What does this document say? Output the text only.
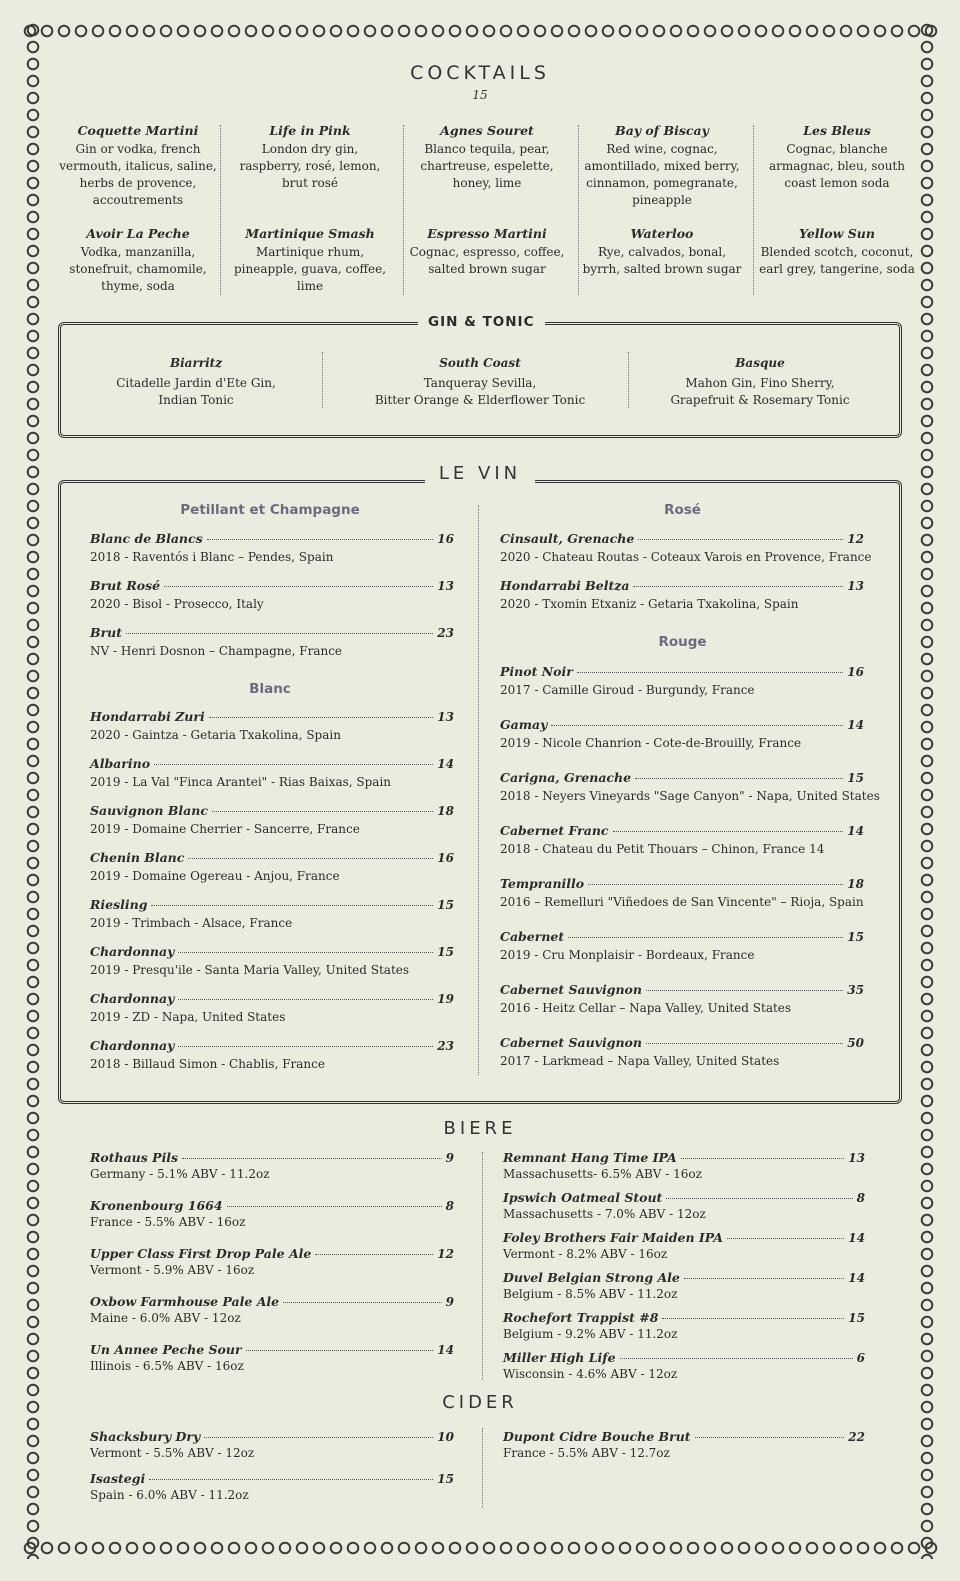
COCKTAILS
15
Coquette Martini
Gin or vodka, french vermouth, italicus, saline, herbs de provence, accoutrements
Life in Pink
London dry gin, raspberry, rosé, lemon, brut rosé
Agnes Souret
Blanco tequila, pear, chartreuse, espelette, honey, lime
Bay of Biscay
Red wine, cognac, amontillado, mixed berry, cinnamon, pomegranate, pineapple
Les Bleus
Cognac, blanche armagnac, bleu, south coast lemon soda
Avoir La Peche
Vodka, manzanilla, stonefruit, chamomile, thyme, soda
Martinique Smash
Martinique rhum, pineapple, guava, coffee, lime
Espresso Martini
Cognac, espresso, coffee, salted brown sugar
Waterloo
Rye, calvados, bonal, byrrh, salted brown sugar
Yellow Sun
Blended scotch, coconut, earl grey, tangerine, soda
GIN & TONIC
Biarritz
Citadelle Jardin d'Ete Gin,
Indian Tonic
South Coast
Tanqueray Sevilla,
Bitter Orange & Elderflower Tonic
Basque
Mahon Gin, Fino Sherry,
Grapefruit & Rosemary Tonic
LE VIN
Petillant et Champagne
Blanc de Blancs	16
2018 - Raventós i Blanc – Pendes, Spain
Brut Rosé	13
2020 - Bisol - Prosecco, Italy
Brut	23
NV - Henri Dosnon – Champagne, France
Blanc
Hondarrabi Zuri	13
2020 - Gaintza - Getaria Txakolina, Spain
Albarino	14
2019 - La Val "Finca Arantei" - Rias Baixas, Spain
Sauvignon Blanc	18
2019 - Domaine Cherrier - Sancerre, France
Chenin Blanc	16
2019 - Domaine Ogereau - Anjou, France
Riesling	15
2019 - Trimbach - Alsace, France
Chardonnay	15
2019 - Presqu'ile - Santa Maria Valley, United States
Chardonnay	19
2019 - ZD - Napa, United States
Chardonnay	23
2018 - Billaud Simon - Chablis, France
Rosé
Cinsault, Grenache	12
2020 - Chateau Routas - Coteaux Varois en Provence, France
Hondarrabi Beltza	13
2020 - Txomin Etxaniz - Getaria Txakolina, Spain
Rouge
Pinot Noir	16
2017 - Camille Giroud - Burgundy, France
Gamay	14
2019 - Nicole Chanrion - Cote-de-Brouilly, France
Carigna, Grenache	15
2018 - Neyers Vineyards "Sage Canyon" - Napa, United States
Cabernet Franc	14
2018 - Chateau du Petit Thouars – Chinon, France 14
Tempranillo	18
2016 – Remelluri "Viñedoes de San Vincente" – Rioja, Spain
Cabernet	15
2019 - Cru Monplaisir - Bordeaux, France
Cabernet Sauvignon	35
2016 - Heitz Cellar – Napa Valley, United States
Cabernet Sauvignon	50
2017 - Larkmead – Napa Valley, United States
BIERE
Rothaus Pils	9
Germany - 5.1% ABV - 11.2oz
Kronenbourg 1664	8
France - 5.5% ABV - 16oz
Upper Class First Drop Pale Ale	12
Vermont - 5.9% ABV - 16oz
Oxbow Farmhouse Pale Ale	9
Maine - 6.0% ABV - 12oz
Un Annee Peche Sour	14
Illinois - 6.5% ABV - 16oz
Remnant Hang Time IPA	13
Massachusetts- 6.5% ABV - 16oz
Ipswich Oatmeal Stout	8
Massachusetts - 7.0% ABV - 12oz
Foley Brothers Fair Maiden IPA	14
Vermont - 8.2% ABV - 16oz
Duvel Belgian Strong Ale	14
Belgium - 8.5% ABV - 11.2oz
Rochefort Trappist #8	15
Belgium - 9.2% ABV - 11.2oz
Miller High Life	6
Wisconsin - 4.6% ABV - 12oz
CIDER
Shacksbury Dry	10
Vermont - 5.5% ABV - 12oz
Isastegi	15
Spain - 6.0% ABV - 11.2oz
Dupont Cidre Bouche Brut	22
France - 5.5% ABV - 12.7oz
